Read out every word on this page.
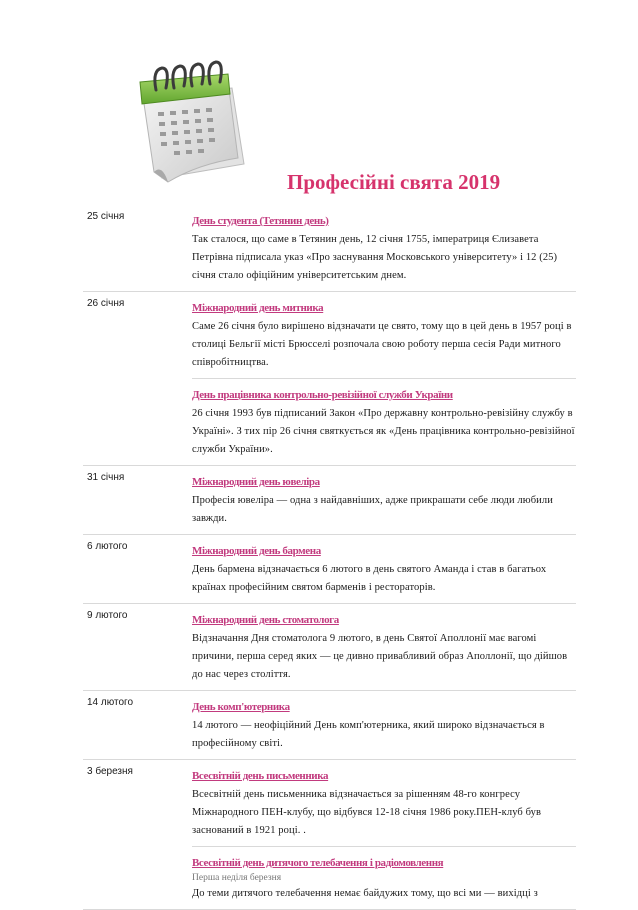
Професійні свята 2019
25 січня	День студента (Тетянин день)
Так сталося, що саме в Тетянин день, 12 січня 1755, імператриця Єлизавета Петрівна підписала указ «Про заснування Московського університету» і 12 (25) січня стало офіційним університетським днем.
26 січня	Міжнародний день митника
Саме 26 січня було вирішено відзначати це свято, тому що в цей день в 1957 році в столиці Бельгії місті Брюсселі розпочала свою роботу перша сесія Ради митного співробітництва.
День працівника контрольно-ревізійної служби України
26 січня 1993 був підписаний Закон «Про державну контрольно-ревізійну службу в Україні». З тих пір 26 січня святкується як «День працівника контрольно-ревізійної служби України».
31 січня	Міжнародний день ювеліра
Професія ювеліра — одна з найдавніших, адже прикрашати себе люди любили завжди.
6 лютого	Міжнародний день бармена
День бармена відзначається 6 лютого в день святого Аманда і став в багатьох країнах професійним святом барменів і рестораторів.
9 лютого	Міжнародний день стоматолога
Відзначання Дня стоматолога 9 лютого, в день Святої Аполлонії має вагомі причини, перша серед яких — це дивно привабливий образ Аполлонії, що дійшов до нас через століття.
14 лютого	День комп'ютерника
14 лютого — неофіційний День комп'ютерника, який широко відзначається в професійному світі.
3 березня	Всесвітній день письменника
Всесвітній день письменника відзначається за рішенням 48-го конгресу Міжнародного ПЕН-клубу, що відбувся 12-18 січня 1986 року.ПЕН-клуб був заснований в 1921 році. .
Всесвітній день дитячого телебачення і радіомовлення
Перша неділя березня
До теми дитячого телебачення немає байдужих тому, що всі ми — вихідці з
